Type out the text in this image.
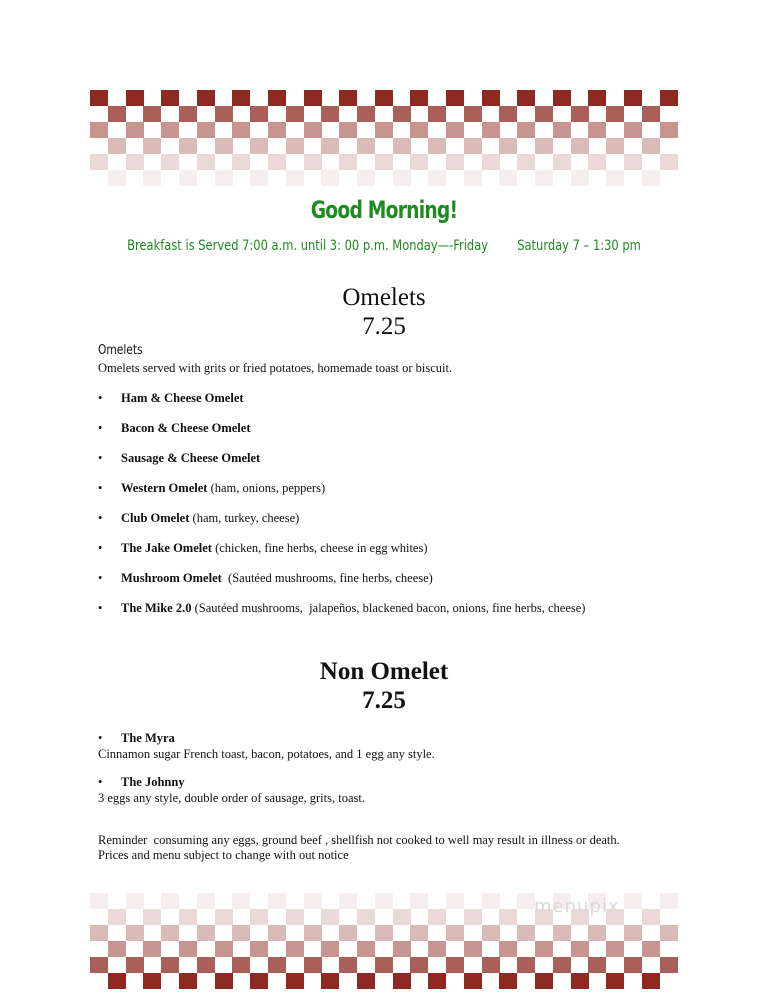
Good Morning!
Breakfast is Served 7:00 a.m. until 3: 00 p.m. Monday—-Friday        Saturday 7 – 1:30 pm
Omelets
7.25
Omelets
Omelets served with grits or fried potatoes, homemade toast or biscuit.
• Ham & Cheese Omelet
• Bacon & Cheese Omelet
• Sausage & Cheese Omelet
• Western Omelet (ham, onions, peppers)
• Club Omelet (ham, turkey, cheese)
• The Jake Omelet (chicken, fine herbs, cheese in egg whites)
• Mushroom Omelet  (Sautéed mushrooms, fine herbs, cheese)
• The Mike 2.0 (Sautéed mushrooms,  jalapeños, blackened bacon, onions, fine herbs, cheese)
Non Omelet
7.25
• The Myra
Cinnamon sugar French toast, bacon, potatoes, and 1 egg any style.
• The Johnny
3 eggs any style, double order of sausage, grits, toast.
Reminder  consuming any eggs, ground beef , shellfish not cooked to well may result in illness or death.
Prices and menu subject to change with out notice
menupix
